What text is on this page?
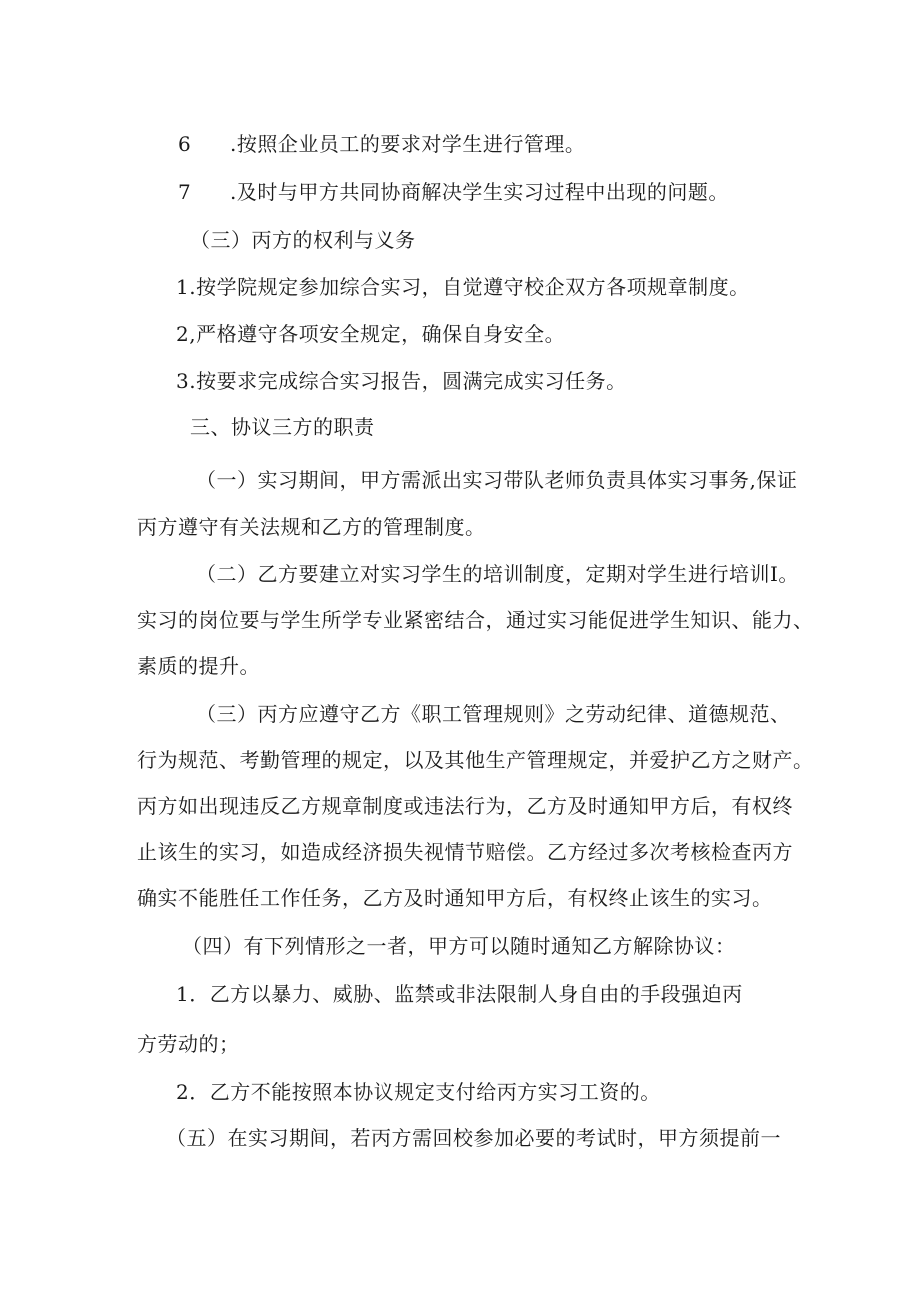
6 .按照企业员工的要求对学生进行管理。
7 .及时与甲方共同协商解决学生实习过程中出现的问题。
（三）丙方的权利与义务
1.按学院规定参加综合实习，自觉遵守校企双方各项规章制度。
2,严格遵守各项安全规定，确保自身安全。
3.按要求完成综合实习报告，圆满完成实习任务。
三、协议三方的职责
（一）实习期间，甲方需派出实习带队老师负责具体实习事务,保证
丙方遵守有关法规和乙方的管理制度。
（二）乙方要建立对实习学生的培训制度，定期对学生进行培训I。
实习的岗位要与学生所学专业紧密结合，通过实习能促进学生知识、能力、
素质的提升。
（三）丙方应遵守乙方《职工管理规则》之劳动纪律、道德规范、
行为规范、考勤管理的规定，以及其他生产管理规定，并爱护乙方之财产。
丙方如出现违反乙方规章制度或违法行为，乙方及时通知甲方后，有权终
止该生的实习，如造成经济损失视情节赔偿。乙方经过多次考核检查丙方
确实不能胜任工作任务，乙方及时通知甲方后，有权终止该生的实习。
（四）有下列情形之一者，甲方可以随时通知乙方解除协议：
1．乙方以暴力、威胁、监禁或非法限制人身自由的手段强迫丙
方劳动的；
2．乙方不能按照本协议规定支付给丙方实习工资的。
（五）在实习期间，若丙方需回校参加必要的考试时，甲方须提前一
